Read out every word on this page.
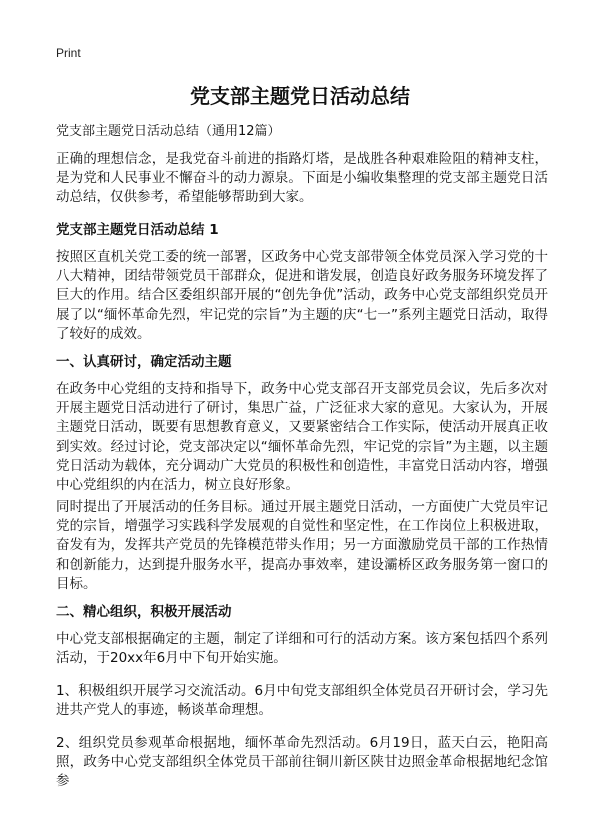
Print
党支部主题党日活动总结
党支部主题党日活动总结（通用12篇）

正确的理想信念，是我党奋斗前进的指路灯塔，是战胜各种艰难险阻的精神支柱，是为党和人民事业不懈奋斗的动力源泉。下面是小编收集整理的党支部主题党日活动总结，仅供参考，希望能够帮助到大家。

党支部主题党日活动总结 1

按照区直机关党工委的统一部署，区政务中心党支部带领全体党员深入学习党的十八大精神，团结带领党员干部群众，促进和谐发展，创造良好政务服务环境发挥了巨大的作用。结合区委组织部开展的“创先争优”活动，政务中心党支部组织党员开展了以“缅怀革命先烈，牢记党的宗旨”为主题的庆“七一”系列主题党日活动，取得了较好的成效。

一、认真研讨，确定活动主题

在政务中心党组的支持和指导下，政务中心党支部召开支部党员会议，先后多次对开展主题党日活动进行了研讨，集思广益，广泛征求大家的意见。大家认为，开展主题党日活动，既要有思想教育意义，又要紧密结合工作实际，使活动开展真正收到实效。经过讨论，党支部决定以“缅怀革命先烈，牢记党的宗旨”为主题，以主题党日活动为载体，充分调动广大党员的积极性和创造性，丰富党日活动内容，增强中心党组织的内在活力，树立良好形象。

同时提出了开展活动的任务目标。通过开展主题党日活动，一方面使广大党员牢记党的宗旨，增强学习实践科学发展观的自觉性和坚定性，在工作岗位上积极进取，奋发有为，发挥共产党员的先锋模范带头作用；另一方面激励党员干部的工作热情和创新能力，达到提升服务水平，提高办事效率，建设灞桥区政务服务第一窗口的目标。

二、精心组织，积极开展活动

中心党支部根据确定的主题，制定了详细和可行的活动方案。该方案包括四个系列活动，于20xx年6月中下旬开始实施。

1、积极组织开展学习交流活动。6月中旬党支部组织全体党员召开研讨会，学习先进共产党人的事迹，畅谈革命理想。

2、组织党员参观革命根据地，缅怀革命先烈活动。6月19日，蓝天白云，艳阳高照，政务中心党支部组织全体党员干部前往铜川新区陕甘边照金革命根据地纪念馆参
